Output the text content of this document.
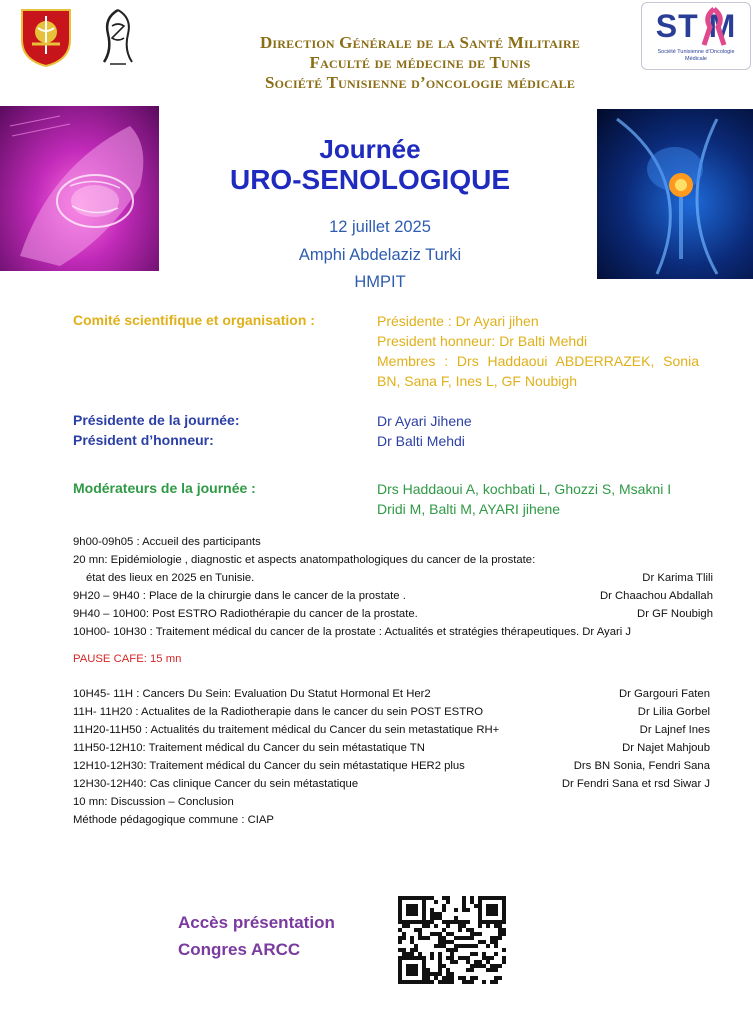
ST M
Société Tunisienne d’Oncologie Médicale
Direction Générale de la Santé Militaire
Faculté de médecine de Tunis
Société Tunisienne d’oncologie médicale
Journée
URO-SENOLOGIQUE
12 juillet 2025
Amphi Abdelaziz Turki
HMPIT
Comité scientifique et organisation :	Présidente : Dr Ayari jihen
President honneur: Dr Balti Mehdi
Membres : Drs Haddaoui ABDERRAZEK, Sonia
BN, Sana F, Ines L, GF Noubigh
Présidente de la journée:	Dr Ayari Jihene
Président d’honneur:	Dr Balti Mehdi
Modérateurs de la journée :	Drs Haddaoui A, kochbati L, Ghozzi S, Msakni I
Dridi M, Balti M, AYARI jihene
9h00-09h05 : Accueil des participants
20 mn: Epidémiologie , diagnostic et aspects anatompathologiques du cancer de la prostate:
état des lieux en 2025 en Tunisie.	Dr Karima Tlili
9H20 – 9H40 : Place de la chirurgie dans le cancer de la prostate .	Dr Chaachou Abdallah
9H40 – 10H00: Post ESTRO Radiothérapie du cancer de la prostate.	Dr GF Noubigh
10H00- 10H30 : Traitement médical du cancer de la prostate : Actualités et stratégies thérapeutiques. Dr Ayari J
PAUSE CAFE: 15 mn
10H45- 11H : Cancers Du Sein: Evaluation Du Statut Hormonal Et Her2	Dr Gargouri Faten
11H- 11H20 : Actualites de la Radiotherapie dans le cancer du sein POST ESTRO	Dr Lilia Gorbel
11H20-11H50 : Actualités du traitement médical du Cancer du sein metastatique RH+	Dr Lajnef Ines
11H50-12H10: Traitement médical du Cancer du sein métastatique TN	Dr Najet Mahjoub
12H10-12H30: Traitement médical du Cancer du sein métastatique HER2 plus	Drs BN Sonia, Fendri Sana
12H30-12H40: Cas clinique Cancer du sein métastatique	Dr Fendri Sana et rsd Siwar J
10 mn: Discussion – Conclusion
Méthode pédagogique commune : CIAP
Accès présentation
Congres ARCC
